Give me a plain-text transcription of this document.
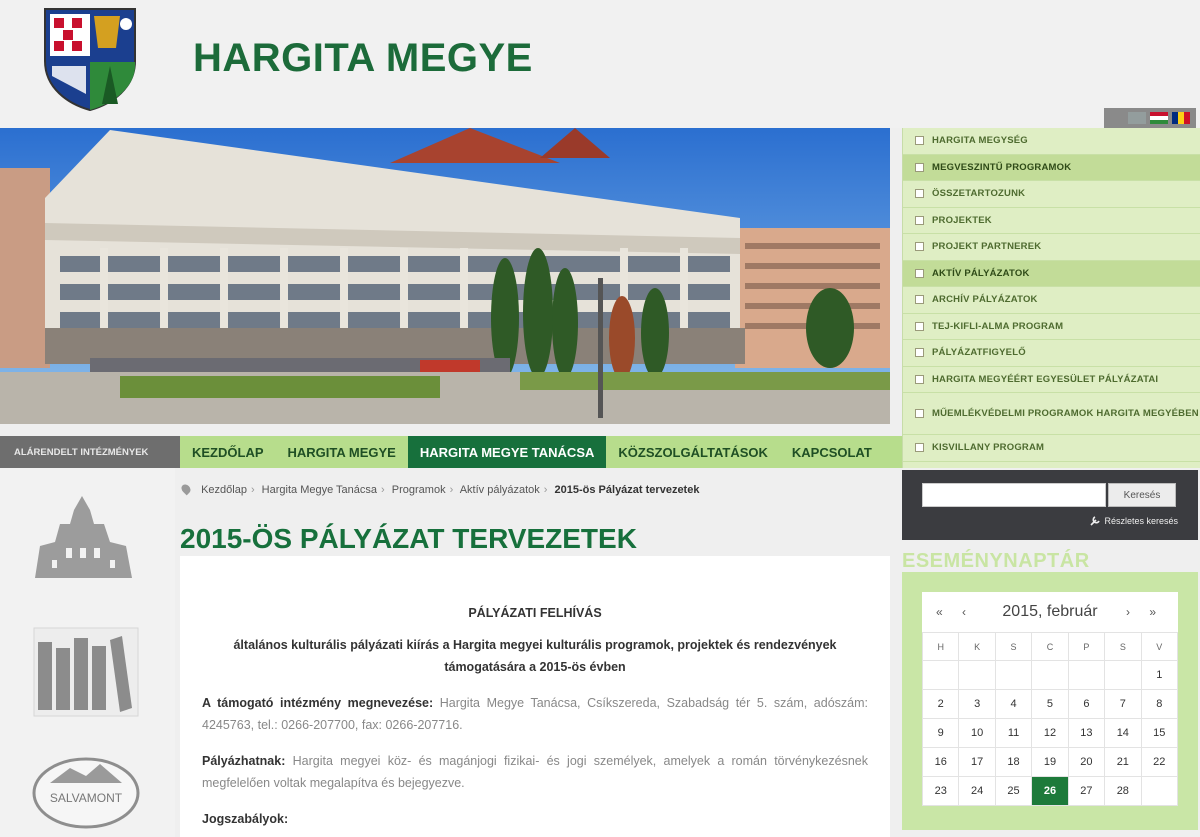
HARGITA MEGYE
HARGITA MEGYSÉG
MEGVESZINTŰ PROGRAMOK
ÖSSZETARTOZUNK
PROJEKTEK
PROJEKT PARTNEREK
AKTÍV PÁLYÁZATOK
ARCHÍV PÁLYÁZATOK
TEJ-KIFLI-ALMA PROGRAM
PÁLYÁZATFIGYELŐ
HARGITA MEGYÉÉRT EGYESÜLET PÁLYÁZATAI
MŰEMLÉKVÉDELMI PROGRAMOK HARGITA MEGYÉBEN
KISVILLANY PROGRAM
ALÁRENDELT INTÉZMÉNYEK	KEZDŐLAP	HARGITA MEGYE	HARGITA MEGYE TANÁCSA	KÖZSZOLGÁLTATÁSOK	KAPCSOLAT
SALVAMONT
Kezdőlap › Hargita Megye Tanácsa › Programok › Aktív pályázatok › 2015-ös Pályázat tervezetek
2015-ÖS PÁLYÁZAT TERVEZETEK
PÁLYÁZATI FELHÍVÁS
általános kulturális pályázati kiírás a Hargita megyei kulturális programok, projektek és rendezvények támogatására a 2015-ös évben
A támogató intézmény megnevezése: Hargita Megye Tanácsa, Csíkszereda, Szabadság tér 5. szám, adószám: 4245763, tel.: 0266-207700, fax: 0266-207716.
Pályázhatnak: Hargita megyei köz- és magánjogi fizikai- és jogi személyek, amelyek a román törvénykezésnek megfelelően voltak megalapítva és bejegyezve.
Jogszabályok:
Keresés
Részletes keresés
ESEMÉNYNAPTÁR
« ‹ 2015, február › »
H	K	S	C	P	S	V
						1
2	3	4	5	6	7	8
9	10	11	12	13	14	15
16	17	18	19	20	21	22
23	24	25	26	27	28	
